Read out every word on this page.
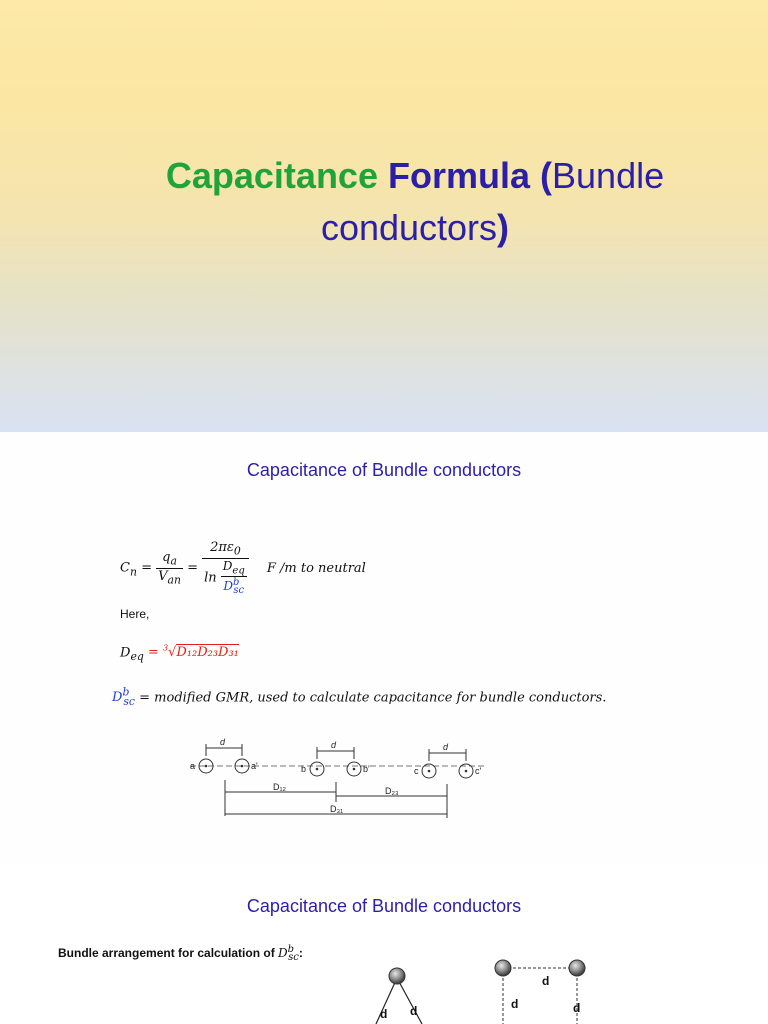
Capacitance Formula (Bundle
conductors)
Capacitance of Bundle conductors
$C_n = \frac{q_a}{V_{an}} = \frac{2\pi\varepsilon_0}{\ln \frac{D_{eq}}{D^b_{sc}}}$ F /m to neutral
Here,
$D_{eq} = ^3√D_{12}D_{23}D_{31}$
$D^b_{sc}$ = modified GMR, used to calculate capacitance for bundle conductors.
d	d	d
a	a'	b	b'	c	c'
D₁₂	D₂₃
D₃₁
Capacitance of Bundle conductors
Bundle arrangement for calculation of $D^b_{sc}$:
d d
d
d	d
